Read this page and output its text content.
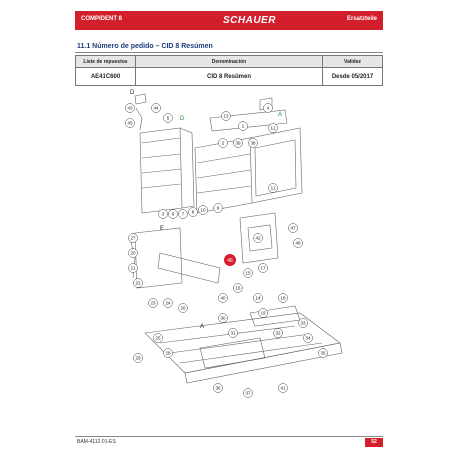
COMPIDENT 8	SCHAUER	Ersatzteile
11.1 Número de pedido – CID 8 Resúmen
Liste de repuestos	Denominación	Validez
AE41C600	CID 8 Resümen	Desde 05/2017
46
43	44
45
5	13
1
2 39 38
12
11
9
10
8
7
6
3
4
27
20
21
24
26
23
40
22
16
15
17
14	18
19
25
28
29
30
31	32
33
34
35
36
37
41
42
47
48
D
D
A
E
A
BAM-4112-01-ES	52
